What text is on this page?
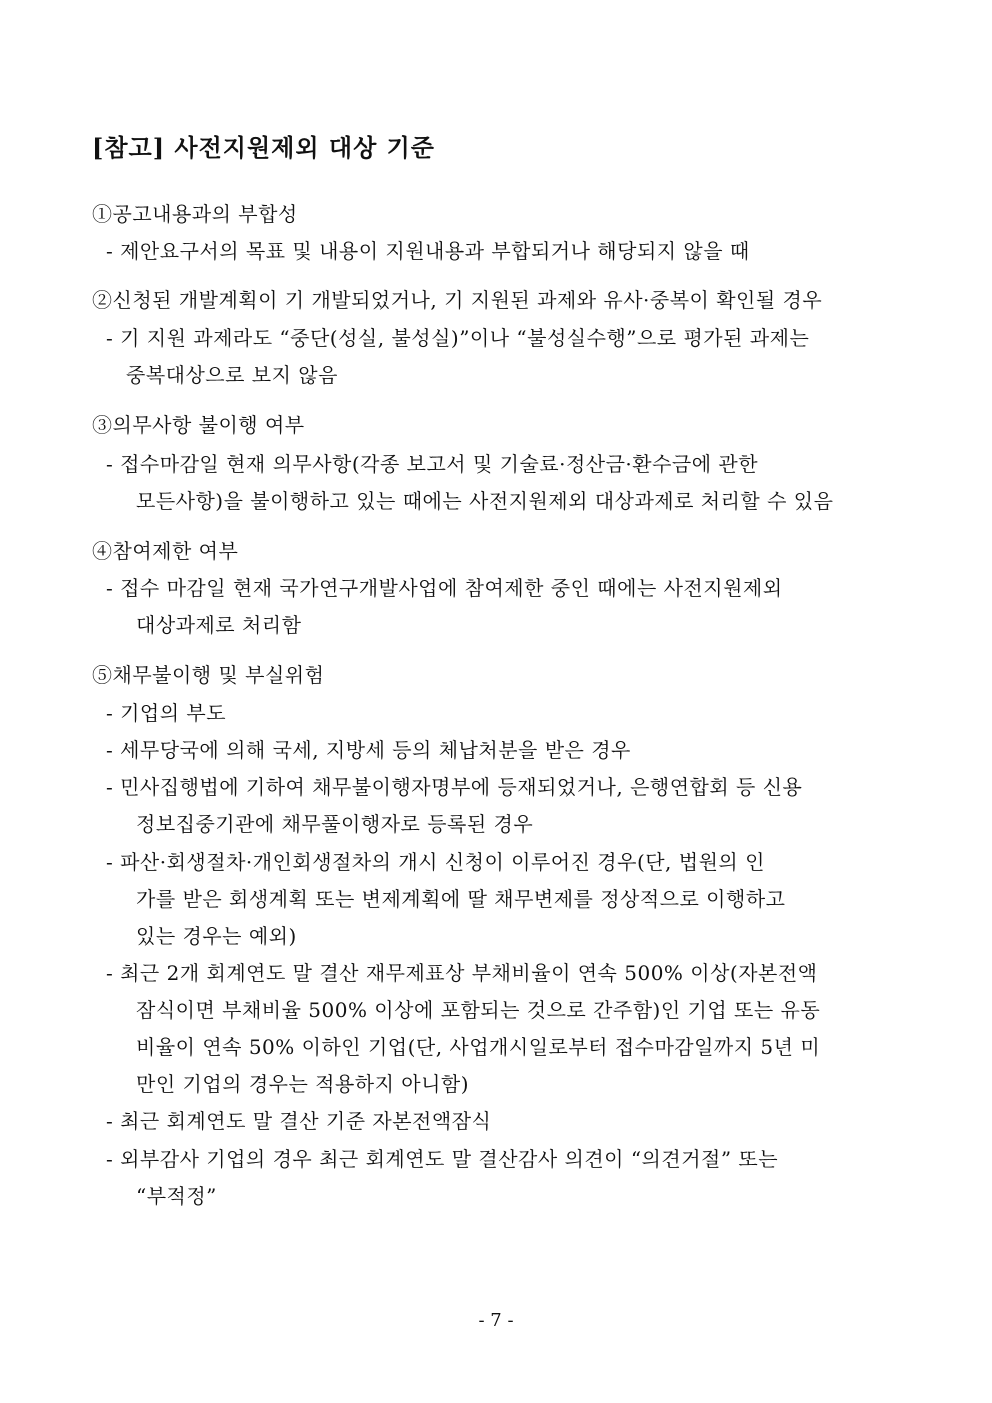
[참고] 사전지원제외 대상 기준
①공고내용과의 부합성
- 제안요구서의 목표 및 내용이 지원내용과 부합되거나 해당되지 않을 때
②신청된 개발계획이 기 개발되었거나, 기 지원된 과제와 유사·중복이 확인될 경우
- 기 지원 과제라도 “중단(성실, 불성실)”이나 “불성실수행”으로 평가된 과제는
중복대상으로 보지 않음
③의무사항 불이행 여부
- 접수마감일 현재 의무사항(각종 보고서 및 기술료·정산금·환수금에 관한
모든사항)을 불이행하고 있는 때에는 사전지원제외 대상과제로 처리할 수 있음
④참여제한 여부
- 접수 마감일 현재 국가연구개발사업에 참여제한 중인 때에는 사전지원제외
대상과제로 처리함
⑤채무불이행 및 부실위험
- 기업의 부도
- 세무당국에 의해 국세, 지방세 등의 체납처분을 받은 경우
- 민사집행법에 기하여 채무불이행자명부에 등재되었거나, 은행연합회 등 신용
정보집중기관에 채무풀이행자로 등록된 경우
- 파산·회생절차·개인회생절차의 개시 신청이 이루어진 경우(단, 법원의 인
가를 받은 회생계획 또는 변제계획에 딸 채무변제를 정상적으로 이행하고
있는 경우는 예외)
- 최근 2개 회계연도 말 결산 재무제표상 부채비율이 연속 500% 이상(자본전액
잠식이면 부채비율 500% 이상에 포함되는 것으로 간주함)인 기업 또는 유동
비율이 연속 50% 이하인 기업(단, 사업개시일로부터 접수마감일까지 5년 미
만인 기업의 경우는 적용하지 아니함)
- 최근 회계연도 말 결산 기준 자본전액잠식
- 외부감사 기업의 경우 최근 회계연도 말 결산감사 의견이 “의견거절” 또는
“부적정”
- 7 -
